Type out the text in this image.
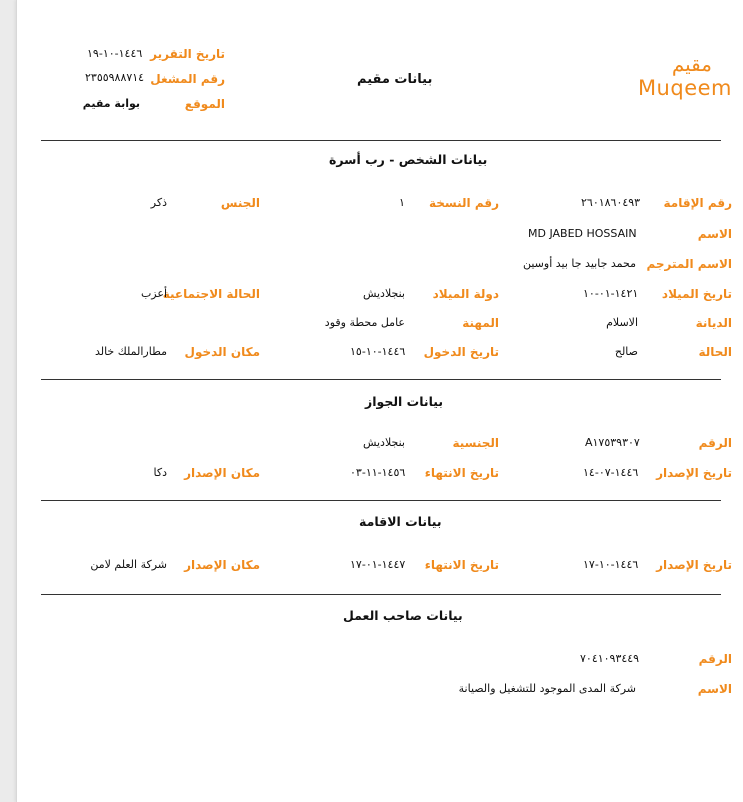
مقيم
Muqeem
بيانات مقيم
تاريخ التقرير
١٤٤٦-١٠-١٩
رقم المشغل
٢٣٥٥٩٨٨٧١٤
الموقع
بوابة مقيم
بيانات الشخص - رب أسرة
رقم الإقامة
٢٦٠١٨٦٠٤٩٣
رقم النسخة
١
الجنس
ذكر
الاسم
MD JABED HOSSAIN
الاسم المترجم
محمد جابيد جا بيد أوسين
تاريخ الميلاد
١٤٢١-٠١-١٠
دولة الميلاد
بنجلاديش
الحالة الاجتماعية
أعزب
الديانة
الاسلام
المهنة
عامل محطة وقود
الحالة
صالح
تاريخ الدخول
١٤٤٦-١٠-١٥
مكان الدخول
مطارالملك خالد
بيانات الجواز
الرقم
A١٧٥٣٩٣٠٧
الجنسية
بنجلاديش
تاريخ الإصدار
١٤٤٦-٠٧-١٤
تاريخ الانتهاء
١٤٥٦-١١-٠٣
مكان الإصدار
دكا
بيانات الاقامة
تاريخ الإصدار
١٤٤٦-١٠-١٧
تاريخ الانتهاء
١٤٤٧-٠١-١٧
مكان الإصدار
شركة العلم لامن
بيانات صاحب العمل
الرقم
٧٠٤١٠٩٣٤٤٩
الاسم
شركة المدى الموجود للتشغيل والصيانة
